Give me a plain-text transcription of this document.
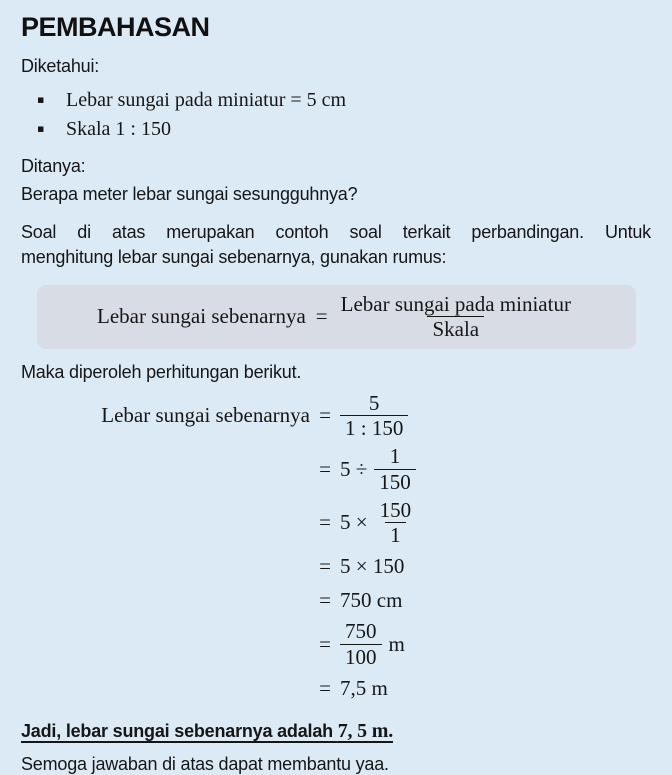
PEMBAHASAN
Diketahui:
▪ Lebar sungai pada miniatur = 5 cm
▪ Skala 1 : 150
Ditanya:
Berapa meter lebar sungai sesungguhnya?
Soal di atas merupakan contoh soal terkait perbandingan. Untuk
menghitung lebar sungai sebenarnya, gunakan rumus:
Lebar sungai sebenarnya = $\frac{\text{Lebar sungai pada miniatur}}{\text{Skala}}$
Maka diperoleh perhitungan berikut.
Lebar sungai sebenarnya = $\frac{5}{1 : 150}$
= $5 \div \frac{1}{150}$
= $5 \times \frac{150}{1}$
= 5 × 150
= 750 cm
= $\frac{750}{100}$ m
= 7,5 m
Jadi, lebar sungai sebenarnya adalah 7, 5 m.
Semoga jawaban di atas dapat membantu yaa.
